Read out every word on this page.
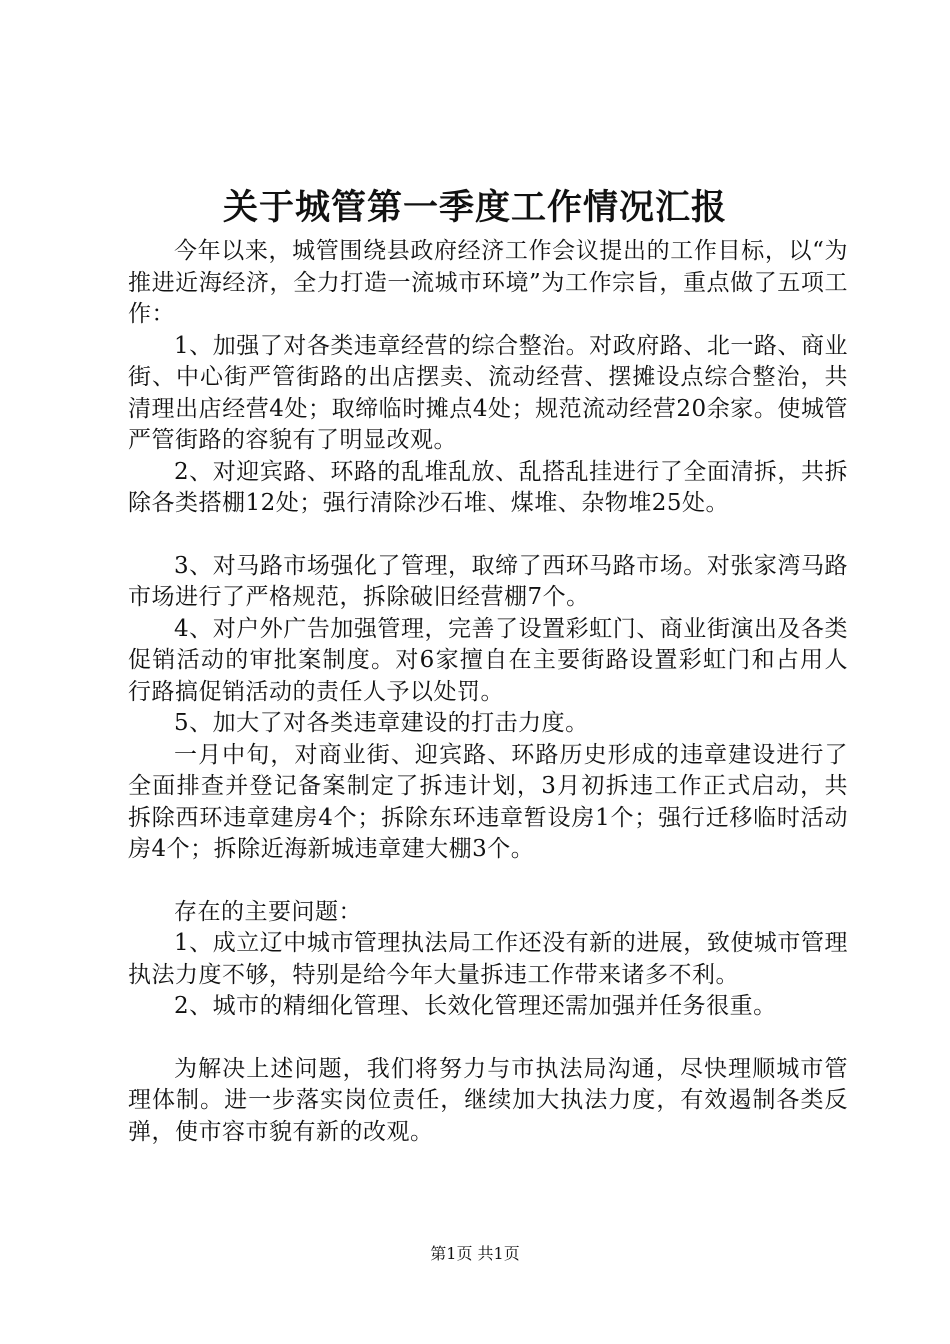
关于城管第一季度工作情况汇报

今年以来，城管围绕县政府经济工作会议提出的工作目标，以“为推进近海经济，全力打造一流城市环境”为工作宗旨，重点做了五项工作：

1、加强了对各类违章经营的综合整治。对政府路、北一路、商业街、中心街严管街路的出店摆卖、流动经营、摆摊设点综合整治，共清理出店经营4处；取缔临时摊点4处；规范流动经营20余家。使城管严管街路的容貌有了明显改观。

2、对迎宾路、环路的乱堆乱放、乱搭乱挂进行了全面清拆，共拆除各类搭棚12处；强行清除沙石堆、煤堆、杂物堆25处。

3、对马路市场强化了管理，取缔了西环马路市场。对张家湾马路市场进行了严格规范，拆除破旧经营棚7个。

4、对户外广告加强管理，完善了设置彩虹门、商业街演出及各类促销活动的审批案制度。对6家擅自在主要街路设置彩虹门和占用人行路搞促销活动的责任人予以处罚。

5、加大了对各类违章建设的打击力度。

一月中旬，对商业街、迎宾路、环路历史形成的违章建设进行了全面排查并登记备案制定了拆违计划，3月初拆违工作正式启动，共拆除西环违章建房4个；拆除东环违章暂设房1个；强行迁移临时活动房4个；拆除近海新城违章建大棚3个。

存在的主要问题：

1、成立辽中城市管理执法局工作还没有新的进展，致使城市管理执法力度不够，特别是给今年大量拆违工作带来诸多不利。

2、城市的精细化管理、长效化管理还需加强并任务很重。

为解决上述问题，我们将努力与市执法局沟通，尽快理顺城市管理体制。进一步落实岗位责任，继续加大执法力度，有效遏制各类反弹，使市容市貌有新的改观。

第1页 共1页
